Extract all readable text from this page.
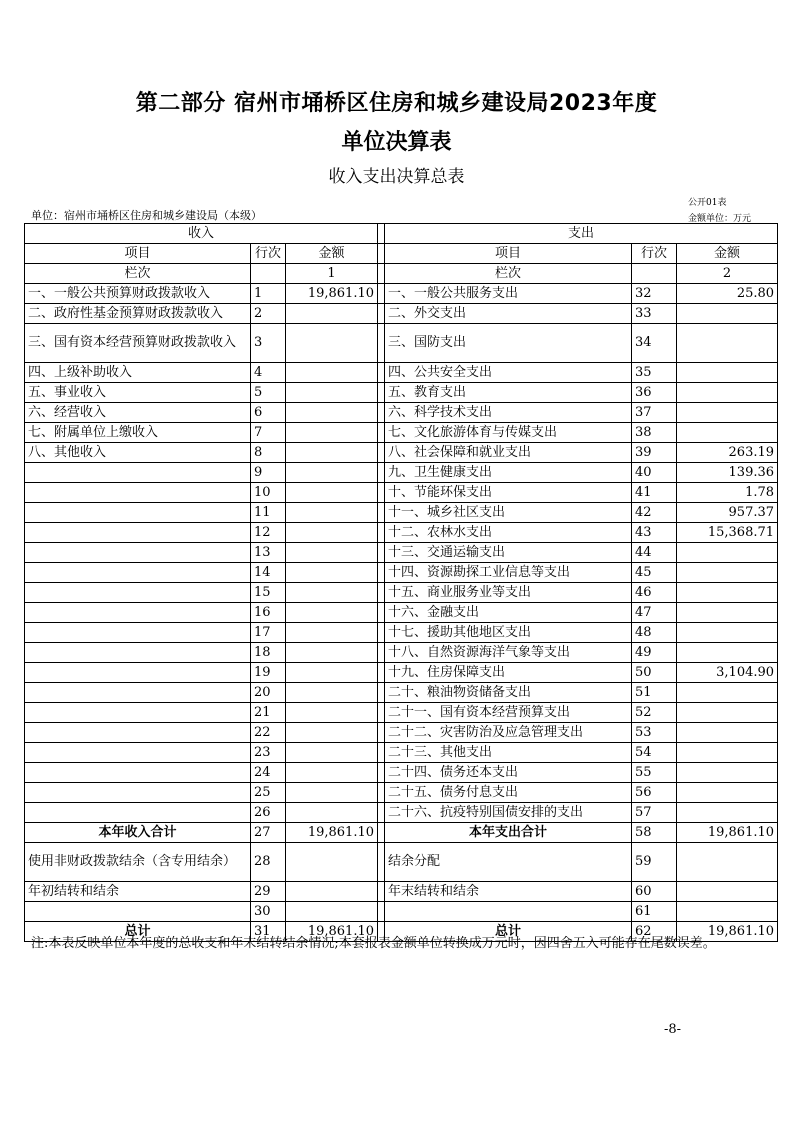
第二部分 宿州市埇桥区住房和城乡建设局2023年度
单位决算表
收入支出决算总表
公开01表
单位：宿州市埇桥区住房和城乡建设局（本级）	金额单位：万元
收入				支出		
项目	行次	金额		项目	行次	金额
栏次		1		栏次		2
一、一般公共预算财政拨款收入	1	19,861.10		一、一般公共服务支出	32	25.80
二、政府性基金预算财政拨款收入	2			二、外交支出	33	
三、国有资本经营预算财政拨款收入	3			三、国防支出	34	
四、上级补助收入	4			四、公共安全支出	35	
五、事业收入	5			五、教育支出	36	
六、经营收入	6			六、科学技术支出	37	
七、附属单位上缴收入	7			七、文化旅游体育与传媒支出	38	
八、其他收入	8			八、社会保障和就业支出	39	263.19
	9			九、卫生健康支出	40	139.36
	10			十、节能环保支出	41	1.78
	11			十一、城乡社区支出	42	957.37
	12			十二、农林水支出	43	15,368.71
	13			十三、交通运输支出	44	
	14			十四、资源勘探工业信息等支出	45	
	15			十五、商业服务业等支出	46	
	16			十六、金融支出	47	
	17			十七、援助其他地区支出	48	
	18			十八、自然资源海洋气象等支出	49	
	19			十九、住房保障支出	50	3,104.90
	20			二十、粮油物资储备支出	51	
	21			二十一、国有资本经营预算支出	52	
	22			二十二、灾害防治及应急管理支出	53	
	23			二十三、其他支出	54	
	24			二十四、债务还本支出	55	
	25			二十五、债务付息支出	56	
	26			二十六、抗疫特别国债安排的支出	57	
本年收入合计	27	19,861.10		本年支出合计	58	19,861.10
使用非财政拨款结余（含专用结余）	28			结余分配	59	
年初结转和结余	29			年末结转和结余	60	
	30				61	
总计	31	19,861.10		总计	62	19,861.10
注:本表反映单位本年度的总收支和年末结转结余情况;本套报表金额单位转换成万元时，因四舍五入可能存在尾数误差。
-8-
